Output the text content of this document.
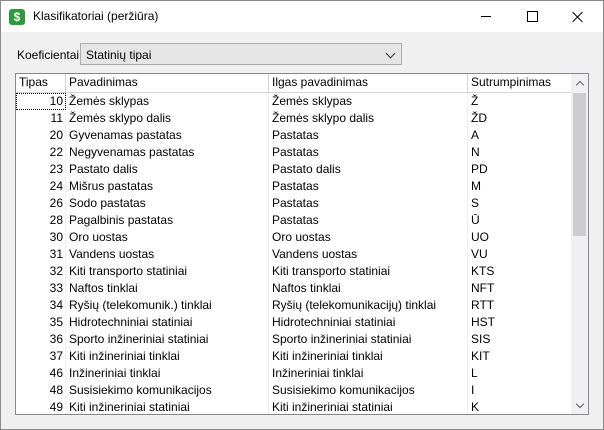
$
Klasifikatoriai (peržiūra)
Koeficientai Statinių tipai
Tipas	Pavadinimas	Ilgas pavadinimas	Sutrumpinimas
10 Žemės sklypas	Žemės sklypas	Ž
11 Žemės sklypo dalis	Žemės sklypo dalis	ŽD
20 Gyvenamas pastatas	Pastatas	A
22 Negyvenamas pastatas	Pastatas	N
23 Pastato dalis	Pastato dalis	PD
24 Mišrus pastatas	Pastatas	M
26 Sodo pastatas	Pastatas	S
28 Pagalbinis pastatas	Pastatas	Ū
30 Oro uostas	Oro uostas	UO
31 Vandens uostas	Vandens uostas	VU
32 Kiti transporto statiniai	Kiti transporto statiniai	KTS
33 Naftos tinklai	Naftos tinklai	NFT
34 Ryšių (telekomunik.) tinklai	Ryšių (telekomunikacijų) tinklai	RTT
35 Hidrotechniniai statiniai	Hidrotechniniai statiniai	HST
36 Sporto inžineriniai statiniai	Sporto inžineriniai statiniai	SIS
37 Kiti inžineriniai tinklai	Kiti inžineriniai tinklai	KIT
46 Inžineriniai tinklai	Inžineriniai tinklai	L
48 Susisiekimo komunikacijos	Susisiekimo komunikacijos	I
49 Kiti inžineriniai statiniai	Kiti inžineriniai statiniai	K
